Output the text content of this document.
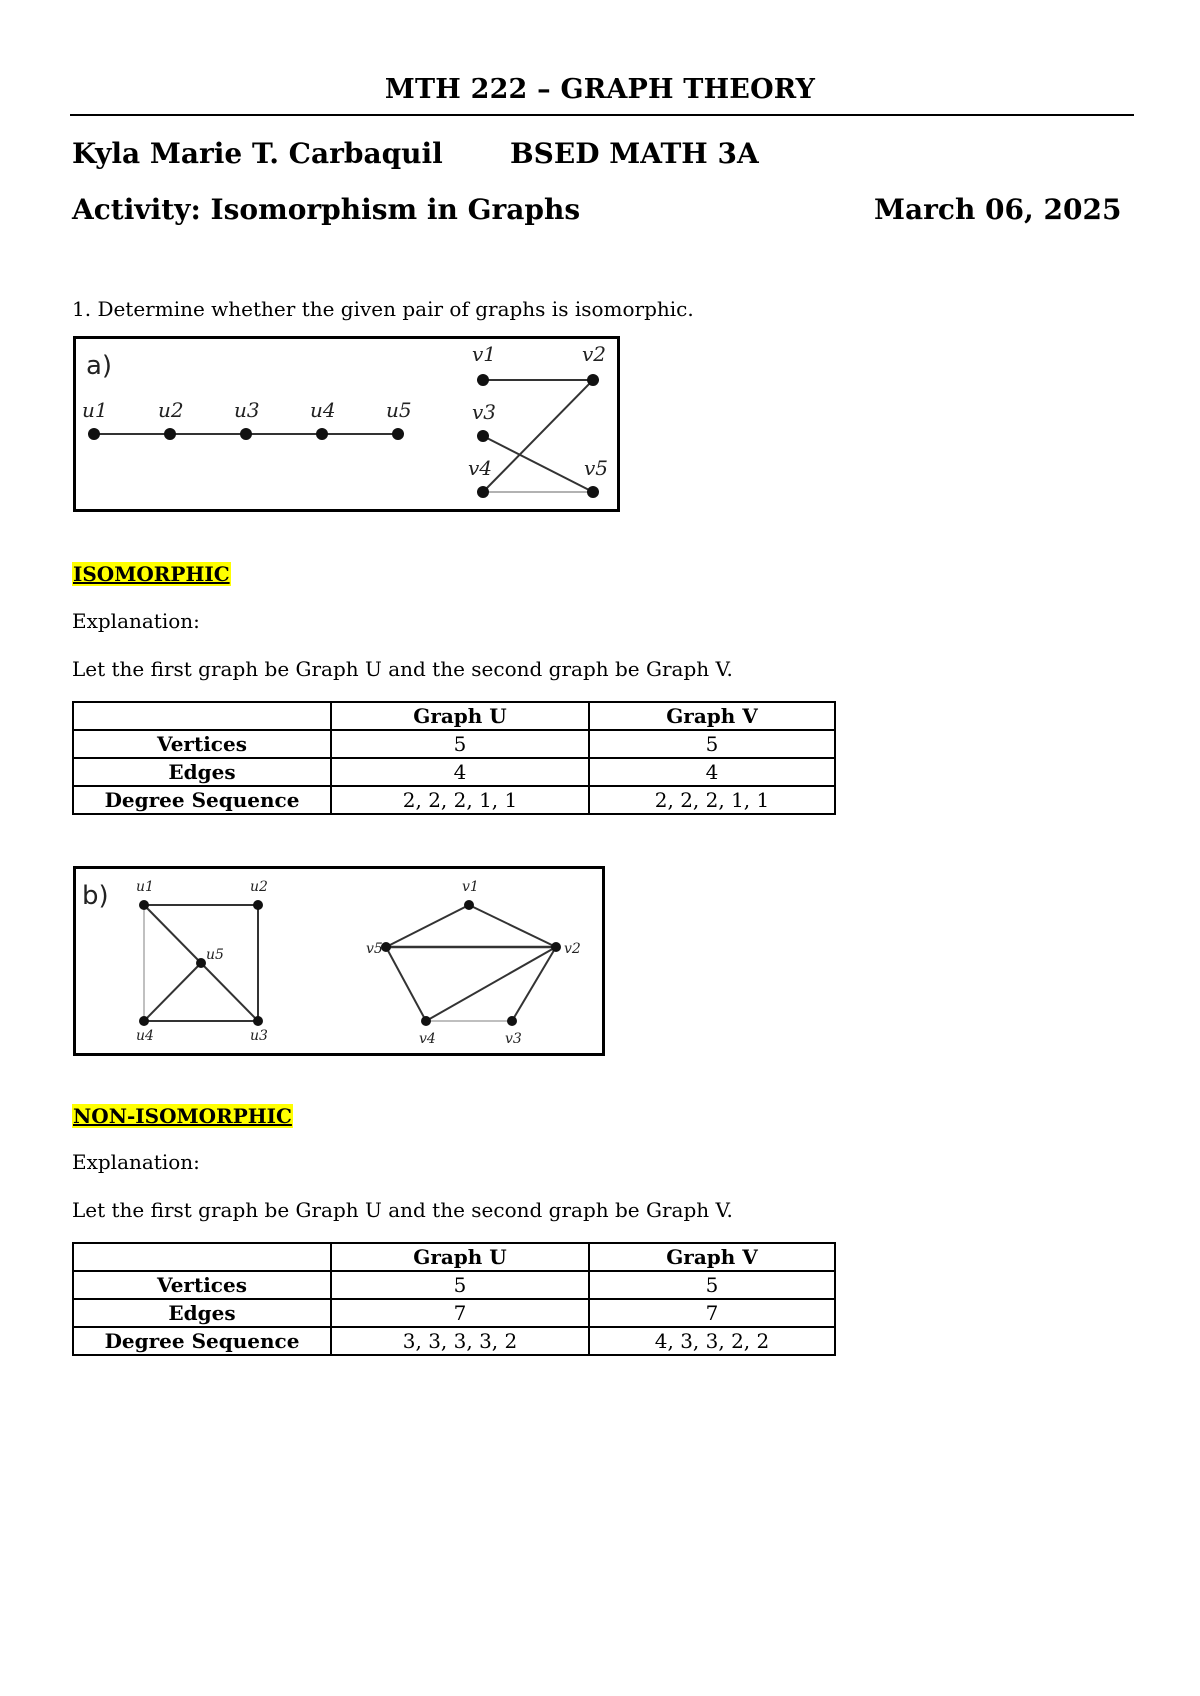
MTH 222 – GRAPH THEORY
Kyla Marie T. Carbaquil BSED MATH 3A
Activity: Isomorphism in Graphs	March 06, 2025
1. Determine whether the given pair of graphs is isomorphic.
a)
u1	u2	u3	u4	u5
v1	v2
v3
v4	v5
ISOMORPHIC
Explanation:
Let the first graph be Graph U and the second graph be Graph V.
	Graph U	Graph V
Vertices	5	5
Edges	4	4
Degree Sequence	2, 2, 2, 1, 1	2, 2, 2, 1, 1
b) u1	u2
u3
u4
u5
v1
v2
v3
v4
v5
NON-ISOMORPHIC
Explanation:
Let the first graph be Graph U and the second graph be Graph V.
	Graph U	Graph V
Vertices	5	5
Edges	7	7
Degree Sequence	3, 3, 3, 3, 2	4, 3, 3, 2, 2
